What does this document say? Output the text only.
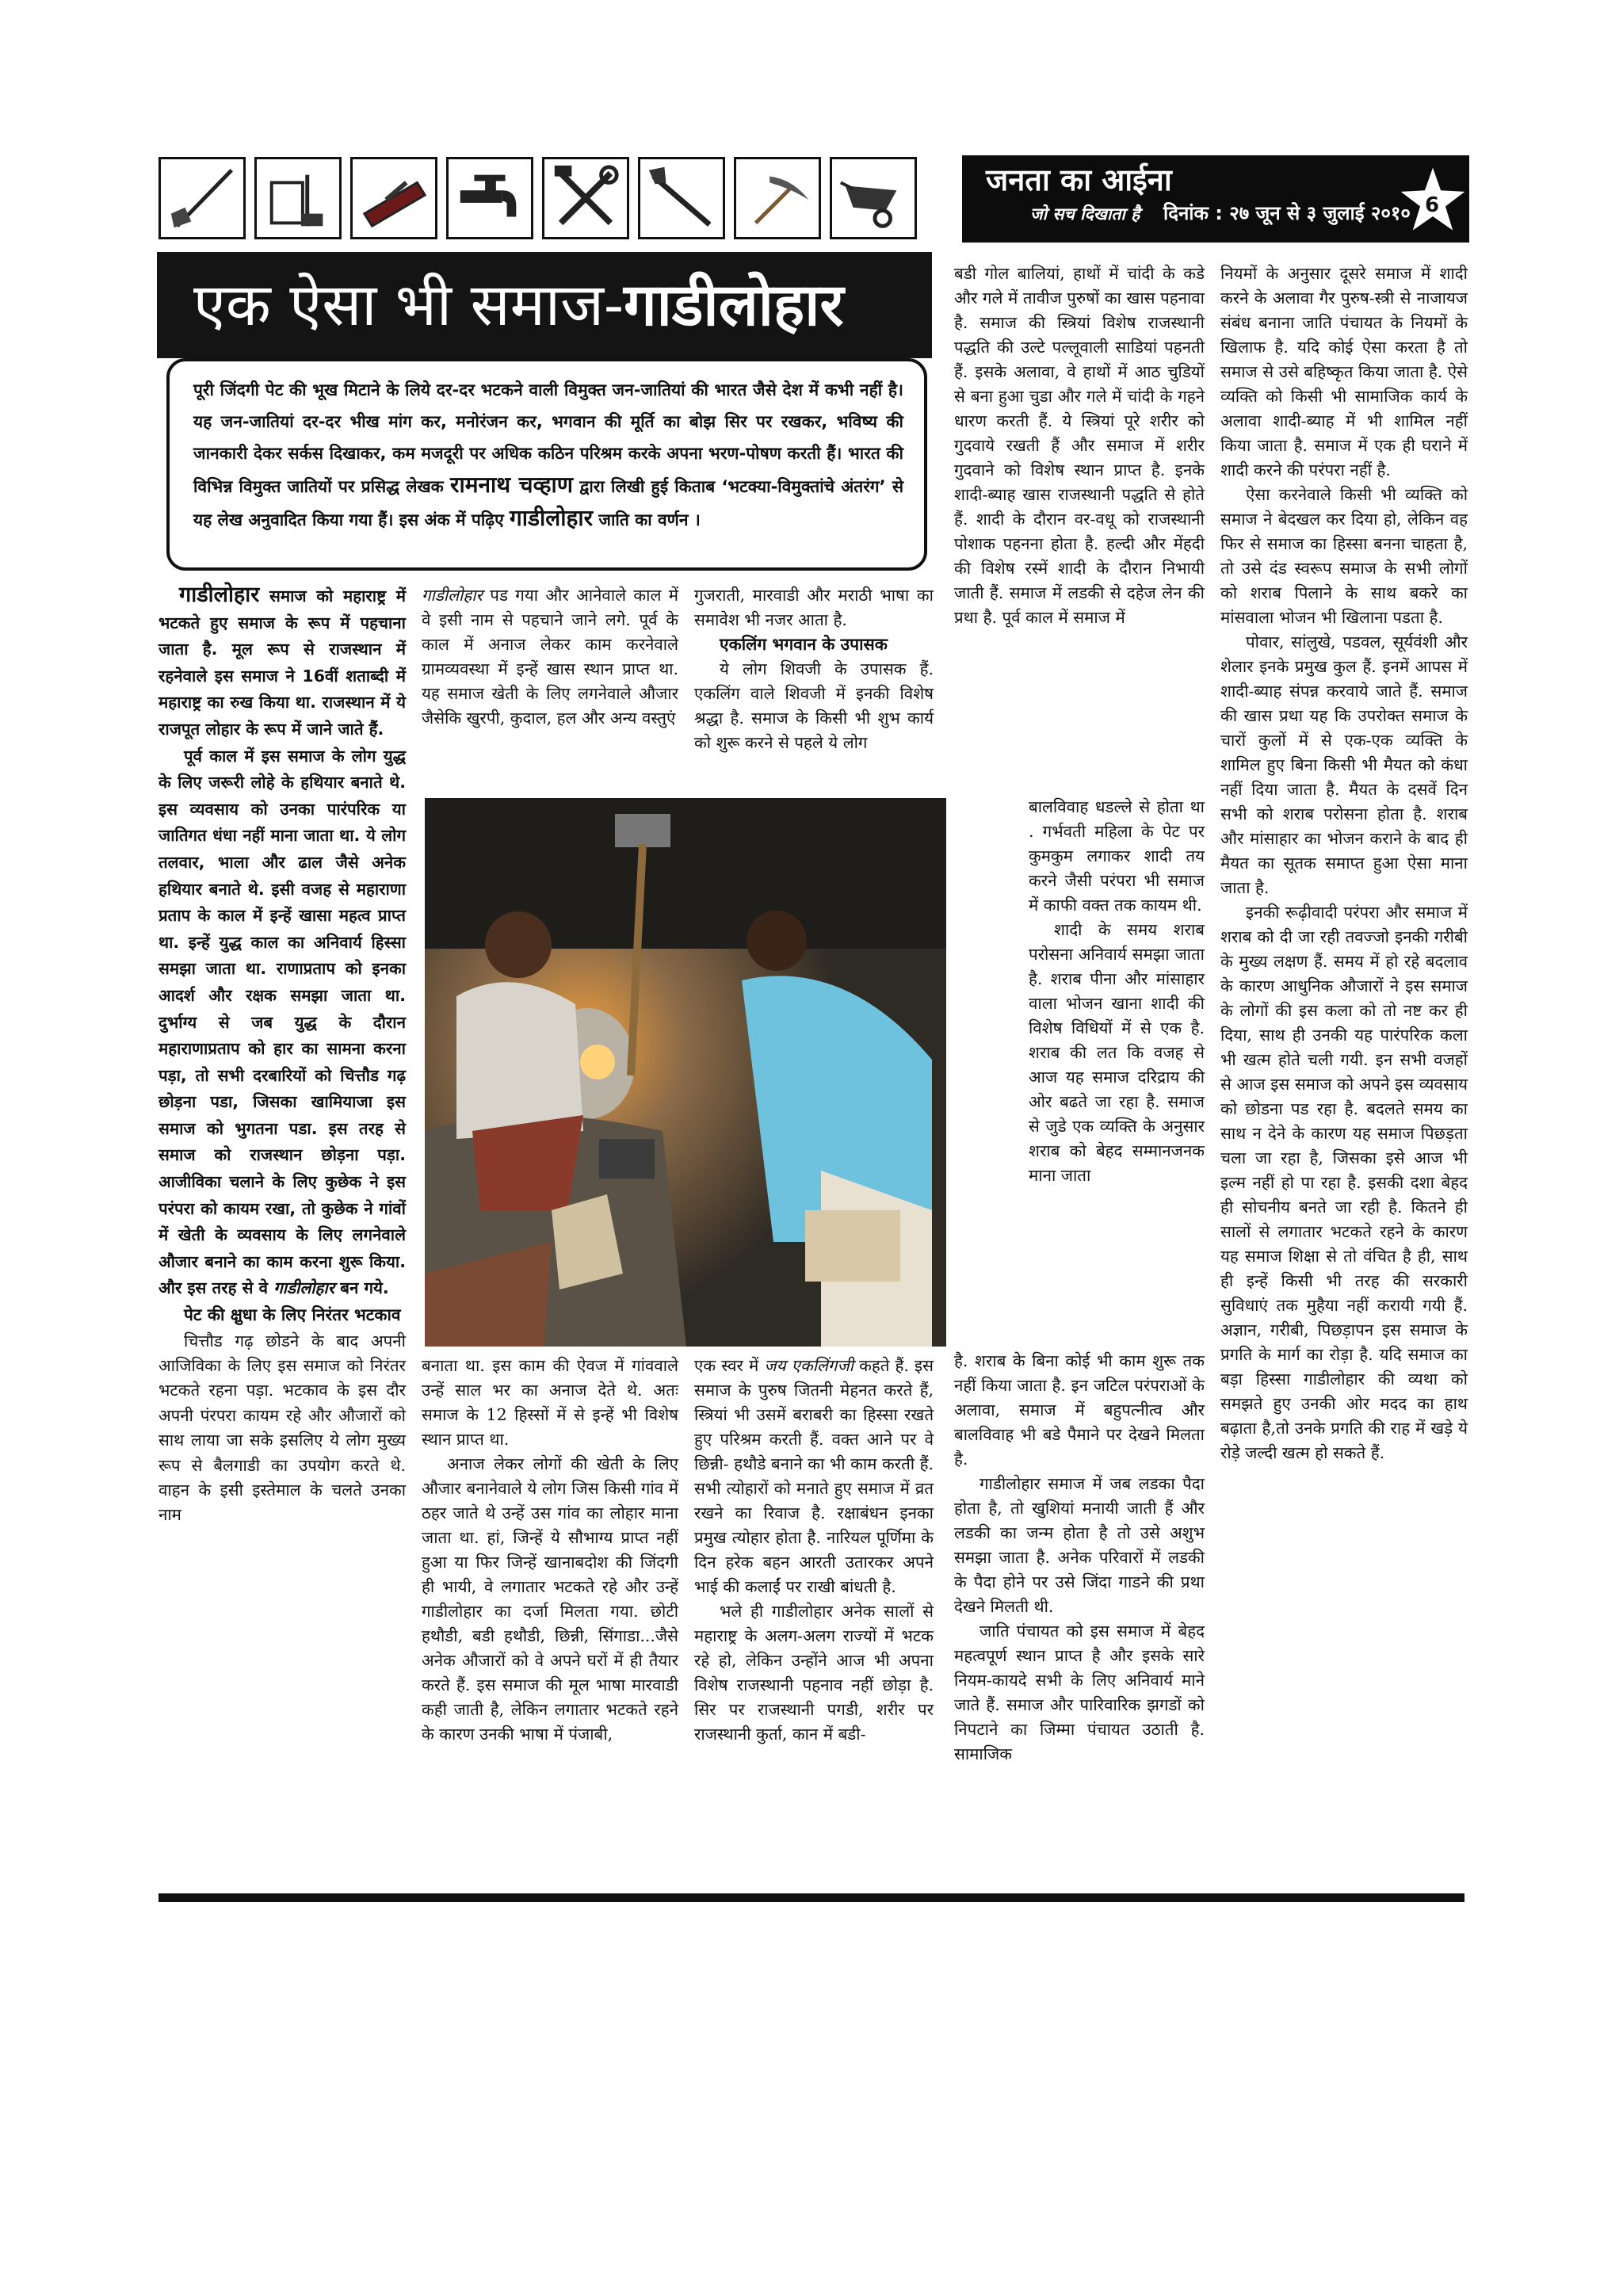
जनता का आईना
जो सच दिखाता है दिनांक : २७ जून से ३ जुलाई २०१० 6
एक ऐसा भी समाज-गाडीलोहार
पूरी जिंदगी पेट की भूख मिटाने के लिये दर-दर भटकने वाली विमुक्त जन-जातियां की भारत जैसे देश में कभी नहीं है। यह जन-जातियां दर-दर भीख मांग कर, मनोरंजन कर, भगवान की मूर्ति का बोझ सिर पर रखकर, भविष्य की जानकारी देकर सर्कस दिखाकर, कम मजदूरी पर अधिक कठिन परिश्रम करके अपना भरण-पोषण करती हैं। भारत की विभिन्न विमुक्त जातियों पर प्रसिद्ध लेखक रामनाथ चव्हाण द्वारा लिखी हुई किताब ‘भटक्या-विमुक्तांचे अंतरंग’ से यह लेख अनुवादित किया गया हैं। इस अंक में पढ़िए गाडीलोहार जाति का वर्णन ।

गाडीलोहार समाज को महाराष्ट्र में भटकते हुए समाज के रूप में पहचाना जाता है. मूल रूप से राजस्थान में रहनेवाले इस समाज ने 16वीं शताब्दी में महाराष्ट्र का रुख किया था. राजस्थान में ये राजपूत लोहार के रूप में जाने जाते हैं.

पूर्व काल में इस समाज के लोग युद्ध के लिए जरूरी लोहे के हथियार बनाते थे. इस व्यवसाय को उनका पारंपरिक या जातिगत धंधा नहीं माना जाता था. ये लोग तलवार, भाला और ढाल जैसे अनेक हथियार बनाते थे. इसी वजह से महाराणा प्रताप के काल में इन्हें खासा महत्व प्राप्त था. इन्हें युद्ध काल का अनिवार्य हिस्सा समझा जाता था. राणाप्रताप को इनका आदर्श और रक्षक समझा जाता था. दुर्भाग्य से जब युद्ध के दौरान महाराणाप्रताप को हार का सामना करना पड़ा, तो सभी दरबारियों को चित्तौड गढ़ छोड़ना पडा, जिसका खामियाजा इस समाज को भुगतना पडा. इस तरह से समाज को राजस्थान छोड़ना पड़ा. आजीविका चलाने के लिए कुछेक ने इस परंपरा को कायम रखा, तो कुछेक ने गांवों में खेती के व्यवसाय के लिए लगनेवाले औजार बनाने का काम करना शुरू किया. और इस तरह से वे गाडीलोहार बन गये.

पेट की क्षुधा के लिए निरंतर भटकाव

चित्तौड गढ़ छोडने के बाद अपनी आजिविका के लिए इस समाज को निरंतर भटकते रहना पड़ा. भटकाव के इस दौर अपनी पंरपरा कायम रहे और औजारों को साथ लाया जा सके इसलिए ये लोग मुख्य रूप से बैलगाडी का उपयोग करते थे. वाहन के इसी इस्तेमाल के चलते उनका नाम

गाडीलोहार पड गया और आनेवाले काल में वे इसी नाम से पहचाने जाने लगे. पूर्व के काल में अनाज लेकर काम करनेवाले ग्रामव्यवस्था में इन्हें खास स्थान प्राप्त था. यह समाज खेती के लिए लगनेवाले औजार जैसेकि खुरपी, कुदाल, हल और अन्य वस्तुएं

गुजराती, मारवाडी और मराठी भाषा का समावेश भी नजर आता है.

एकलिंग भगवान के उपासक

ये लोग शिवजी के उपासक हैं. एकलिंग वाले शिवजी में इनकी विशेष श्रद्धा है. समाज के किसी भी शुभ कार्य को शुरू करने से पहले ये लोग

बनाता था. इस काम की ऐवज में गांववाले उन्हें साल भर का अनाज देते थे. अतः समाज के 12 हिस्सों में से इन्हें भी विशेष स्थान प्राप्त था.

अनाज लेकर लोगों की खेती के लिए औजार बनानेवाले ये लोग जिस किसी गांव में ठहर जाते थे उन्हें उस गांव का लोहार माना जाता था. हां, जिन्हें ये सौभाग्य प्राप्त नहीं हुआ या फिर जिन्हें खानाबदोश की जिंदगी ही भायी, वे लगातार भटकते रहे और उन्हें गाडीलोहार का दर्जा मिलता गया. छोटी हथौडी, बडी हथौडी, छिन्नी, सिंगाडा...जैसे अनेक औजारों को वे अपने घरों में ही तैयार करते हैं. इस समाज की मूल भाषा मारवाडी कही जाती है, लेकिन लगातार भटकते रहने के कारण उनकी भाषा में पंजाबी,

एक स्वर में जय एकलिंगजी कहते हैं. इस समाज के पुरुष जितनी मेहनत करते हैं, स्त्रियां भी उसमें बराबरी का हिस्सा रखते हुए परिश्रम करती हैं. वक्त आने पर वे छिन्नी- हथौडे बनाने का भी काम करती हैं. सभी त्योहारों को मनाते हुए समाज में व्रत रखने का रिवाज है. रक्षाबंधन इनका प्रमुख त्योहार होता है. नारियल पूर्णिमा के दिन हरेक बहन आरती उतारकर अपने भाई की कलाईं पर राखी बांधती है.

भले ही गाडीलोहार अनेक सालों से महाराष्ट्र के अलग-अलग राज्यों में भटक रहे हो, लेकिन उन्होंने आज भी अपना विशेष राजस्थानी पहनाव नहीं छोड़ा है. सिर पर राजस्थानी पगडी, शरीर पर राजस्थानी कुर्ता, कान में बडी-

बडी गोल बालियां, हाथों में चांदी के कडे और गले में तावीज पुरुषों का खास पहनावा है. समाज की स्त्रियां विशेष राजस्थानी पद्धति की उल्टे पल्लूवाली साडियां पहनती हैं. इसके अलावा, वे हाथों में आठ चुडियों से बना हुआ चुडा और गले में चांदी के गहने धारण करती हैं. ये स्त्रियां पूरे शरीर को गुदवाये रखती हैं और समाज में शरीर गुदवाने को विशेष स्थान प्राप्त है. इनके शादी-ब्याह खास राजस्थानी पद्धति से होते हैं. शादी के दौरान वर-वधू को राजस्थानी पोशाक पहनना होता है. हल्दी और मेंहदी की विशेष रस्में शादी के दौरान निभायी जाती हैं. समाज में लडकी से दहेज लेन की प्रथा है. पूर्व काल में समाज में

बालविवाह धडल्ले से होता था . गर्भवती महिला के पेट पर कुमकुम लगाकर शादी तय करने जैसी परंपरा भी समाज में काफी वक्त तक कायम थी.

शादी के समय शराब परोसना अनिवार्य समझा जाता है. शराब पीना और मांसाहार वाला भोजन खाना शादी की विशेष विधियों में से एक है. शराब की लत कि वजह से आज यह समाज दरिद्राय की ओर बढते जा रहा है. समाज से जुडे एक व्यक्ति के अनुसार शराब को बेहद सम्मानजनक माना जाता

है. शराब के बिना कोई भी काम शुरू तक नहीं किया जाता है. इन जटिल परंपराओं के अलावा, समाज में बहुपत्नीत्व और बालविवाह भी बडे पैमाने पर देखने मिलता है.

गाडीलोहार समाज में जब लडका पैदा होता है, तो खुशियां मनायी जाती हैं और लडकी का जन्म होता है तो उसे अशुभ समझा जाता है. अनेक परिवारों में लडकी के पैदा होने पर उसे जिंदा गाडने की प्रथा देखने मिलती थी.

जाति पंचायत को इस समाज में बेहद महत्वपूर्ण स्थान प्राप्त है और इसके सारे नियम-कायदे सभी के लिए अनिवार्य माने जाते हैं. समाज और पारिवारिक झगडों को निपटाने का जिम्मा पंचायत उठाती है. सामाजिक

नियमों के अनुसार दूसरे समाज में शादी करने के अलावा गैर पुरुष-स्त्री से नाजायज संबंध बनाना जाति पंचायत के नियमों के खिलाफ है. यदि कोई ऐसा करता है तो समाज से उसे बहिष्कृत किया जाता है. ऐसे व्यक्ति को किसी भी सामाजिक कार्य के अलावा शादी-ब्याह में भी शामिल नहीं किया जाता है. समाज में एक ही घराने में शादी करने की परंपरा नहीं है.

ऐसा करनेवाले किसी भी व्यक्ति को समाज ने बेदखल कर दिया हो, लेकिन वह फिर से समाज का हिस्सा बनना चाहता है, तो उसे दंड स्वरूप समाज के सभी लोगों को शराब पिलाने के साथ बकरे का मांसवाला भोजन भी खिलाना पडता है.

पोवार, सांलुखे, पडवल, सूर्यवंशी और शेलार इनके प्रमुख कुल हैं. इनमें आपस में शादी-ब्याह संपन्न करवाये जाते हैं. समाज की खास प्रथा यह कि उपरोक्त समाज के चारों कुलों में से एक-एक व्यक्ति के शामिल हुए बिना किसी भी मैयत को कंधा नहीं दिया जाता है. मैयत के दसवें दिन सभी को शराब परोसना होता है. शराब और मांसाहार का भोजन कराने के बाद ही मैयत का सूतक समाप्त हुआ ऐसा माना जाता है.

इनकी रूढ़ीवादी परंपरा और समाज में शराब को दी जा रही तवज्जो इनकी गरीबी के मुख्य लक्षण हैं. समय में हो रहे बदलाव के कारण आधुनिक औजारों ने इस समाज के लोगों की इस कला को तो नष्ट कर ही दिया, साथ ही उनकी यह पारंपरिक कला भी खत्म होते चली गयी. इन सभी वजहों से आज इस समाज को अपने इस व्यवसाय को छोडना पड रहा है. बदलते समय का साथ न देने के कारण यह समाज पिछड़ता चला जा रहा है, जिसका इसे आज भी इल्म नहीं हो पा रहा है. इसकी दशा बेहद ही सोचनीय बनते जा रही है. कितने ही सालों से लगातार भटकते रहने के कारण यह समाज शिक्षा से तो वंचित है ही, साथ ही इन्हें किसी भी तरह की सरकारी सुविधाएं तक मुहैया नहीं करायी गयी हैं. अज्ञान, गरीबी, पिछड़ापन इस समाज के प्रगति के मार्ग का रोड़ा है. यदि समाज का बड़ा हिस्सा गाडीलोहार की व्यथा को समझते हुए उनकी ओर मदद का हाथ बढ़ाता है,तो उनके प्रगति की राह में खड़े ये रोड़े जल्दी खत्म हो सकते हैं.
